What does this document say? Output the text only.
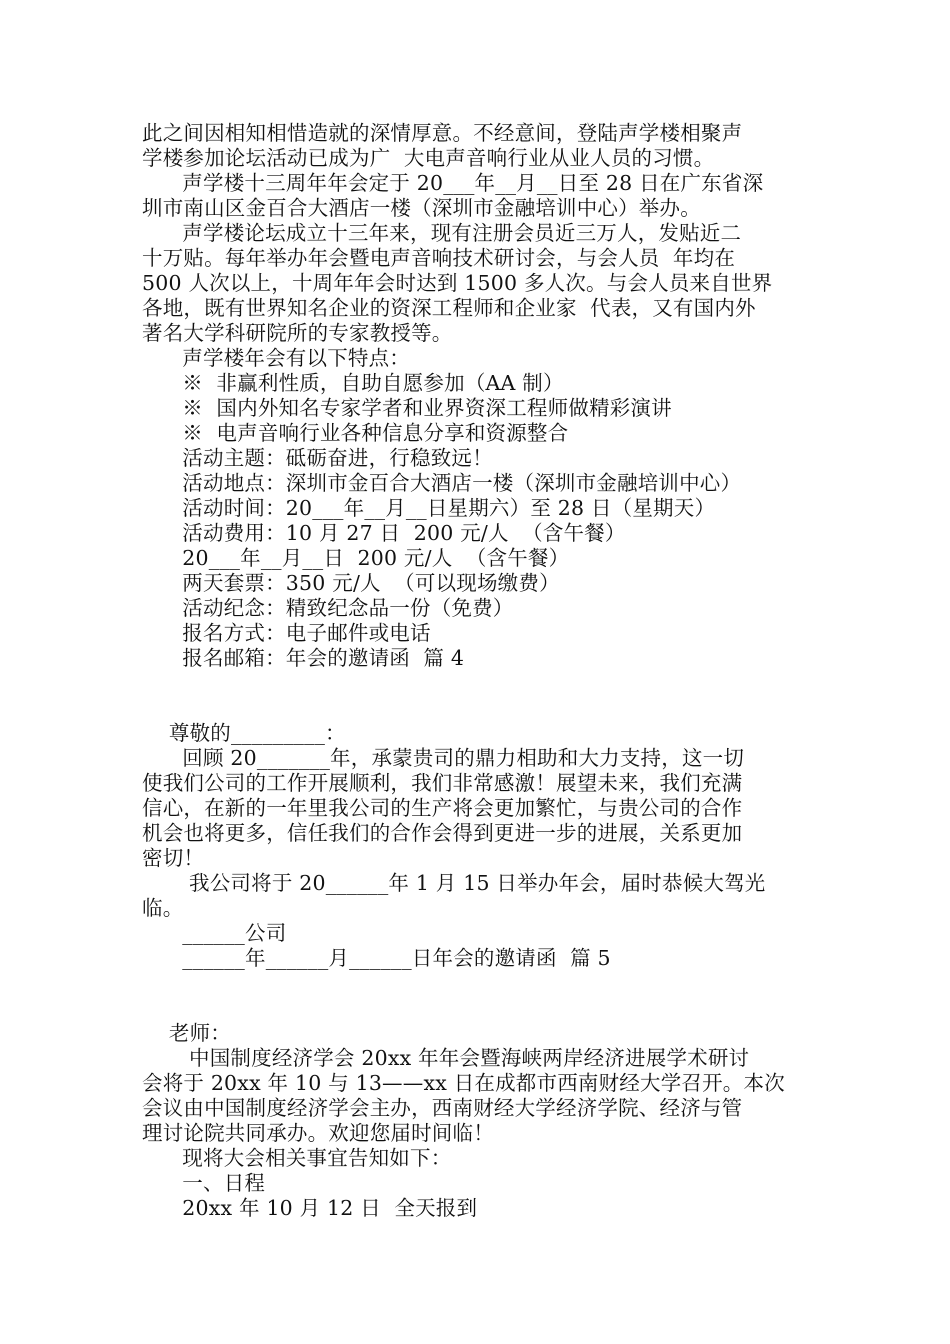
此之间因相知相惜造就的深情厚意。不经意间，登陆声学楼相聚声
学楼参加论坛活动已成为广  大电声音响行业从业人员的习惯。
声学楼十三周年年会定于 20___年__月__日至 28 日在广东省深
圳市南山区金百合大酒店一楼（深圳市金融培训中心）举办。
声学楼论坛成立十三年来，现有注册会员近三万人，发贴近二
十万贴。每年举办年会暨电声音响技术研讨会，与会人员  年均在
500 人次以上，十周年年会时达到 1500 多人次。与会人员来自世界
各地，既有世界知名企业的资深工程师和企业家  代表，又有国内外
著名大学科研院所的专家教授等。
声学楼年会有以下特点：
※  非赢利性质，自助自愿参加（AA 制）
※  国内外知名专家学者和业界资深工程师做精彩演讲
※  电声音响行业各种信息分享和资源整合
活动主题：砥砺奋进，行稳致远！
活动地点：深圳市金百合大酒店一楼（深圳市金融培训中心）
活动时间：20___年__月__日星期六）至 28 日（星期天）
活动费用：10 月 27 日  200 元/人  （含午餐）
20___年__月__日  200 元/人  （含午餐）
两天套票：350 元/人  （可以现场缴费）
活动纪念：精致纪念品一份（免费）
报名方式：电子邮件或电话
报名邮箱：年会的邀请函  篇 4
尊敬的_________：
回顾 20_______年，承蒙贵司的鼎力相助和大力支持，这一切
使我们公司的工作开展顺利，我们非常感激！展望未来，我们充满
信心，在新的一年里我公司的生产将会更加繁忙，与贵公司的合作
机会也将更多，信任我们的合作会得到更进一步的进展，关系更加
密切！
我公司将于 20______年 1 月 15 日举办年会，届时恭候大驾光
临。
______公司
______年______月______日年会的邀请函  篇 5
老师：
中国制度经济学会 20xx 年年会暨海峡两岸经济进展学术研讨
会将于 20xx 年 10 与 13——xx 日在成都市西南财经大学召开。本次
会议由中国制度经济学会主办，西南财经大学经济学院、经济与管
理讨论院共同承办。欢迎您届时间临！
现将大会相关事宜告知如下：
一、日程
20xx 年 10 月 12 日  全天报到
